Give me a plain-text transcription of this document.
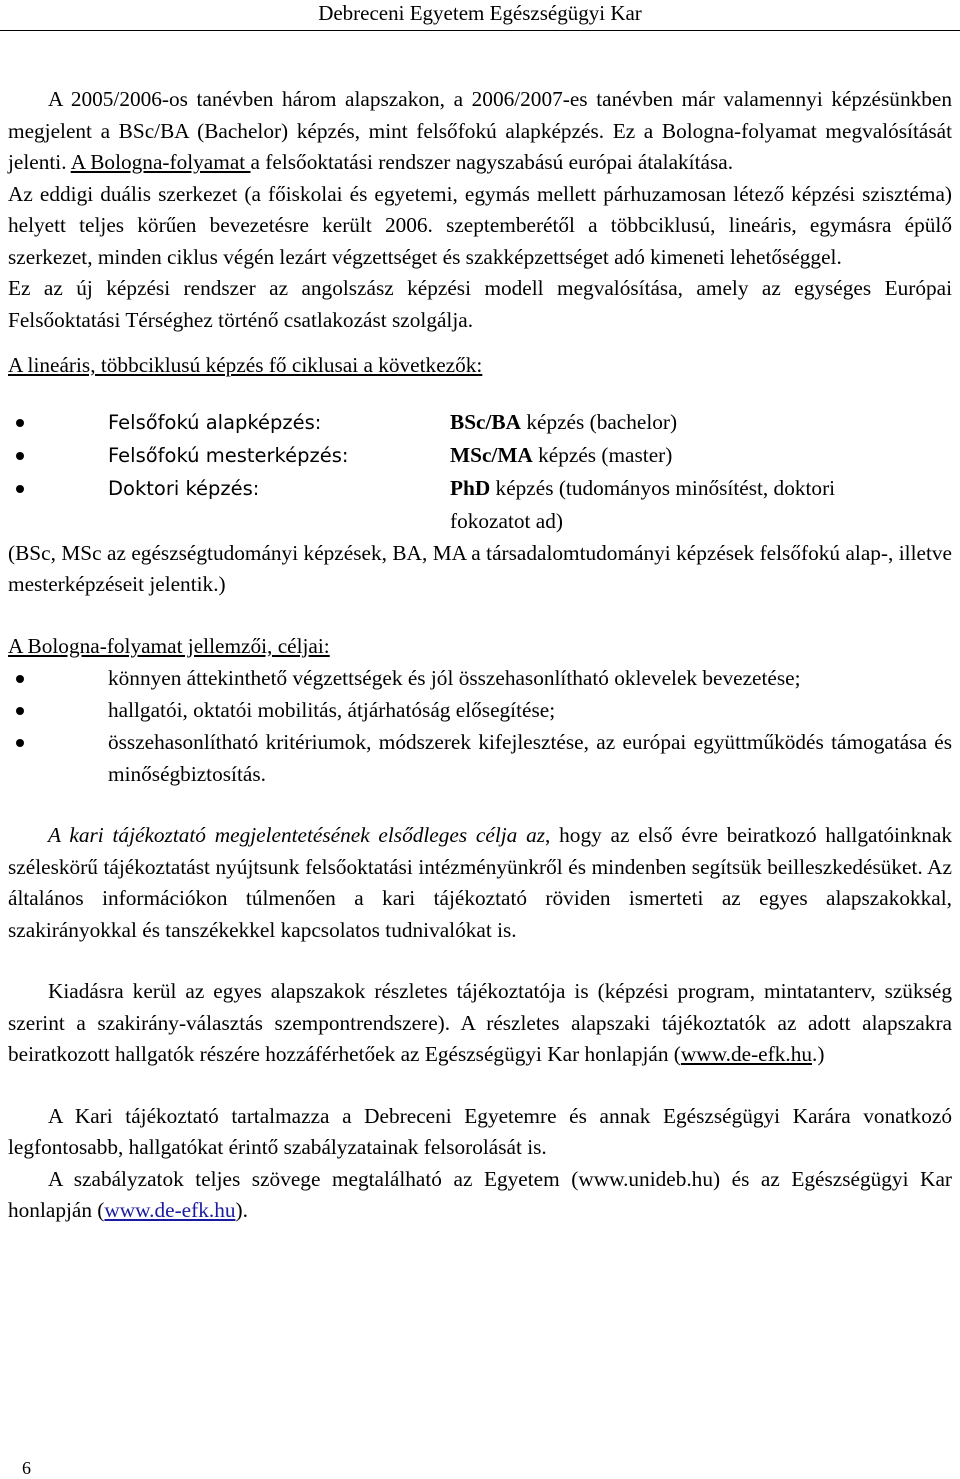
Debreceni Egyetem Egészségügyi Kar

A 2005/2006-os tanévben három alapszakon, a 2006/2007-es tanévben már valamennyi képzésünkben megjelent a BSc/BA (Bachelor) képzés, mint felsőfokú alapképzés. Ez a Bologna-folyamat megvalósítását jelenti. A Bologna-folyamat a felsőoktatási rendszer nagyszabású európai átalakítása.

Az eddigi duális szerkezet (a főiskolai és egyetemi, egymás mellett párhuzamosan létező képzési szisztéma) helyett teljes körűen bevezetésre került 2006. szeptemberétől a többciklusú, lineáris, egymásra épülő szerkezet, minden ciklus végén lezárt végzettséget és szakképzettséget adó kimeneti lehetőséggel.

Ez az új képzési rendszer az angolszász képzési modell megvalósítása, amely az egységes Európai Felsőoktatási Térséghez történő csatlakozást szolgálja.

A lineáris, többciklusú képzés fő ciklusai a következők:

Felsőfokú alapképzés:	BSc/BA képzés (bachelor)
Felsőfokú mesterképzés:	MSc/MA képzés (master)
Doktori képzés:	PhD képzés (tudományos minősítést, doktori
fokozatot ad)

(BSc, MSc az egészségtudományi képzések, BA, MA a társadalomtudományi képzések felsőfokú alap-, illetve mesterképzéseit jelentik.)

A Bologna-folyamat jellemzői, céljai:

könnyen áttekinthető végzettségek és jól összehasonlítható oklevelek bevezetése;
hallgatói, oktatói mobilitás, átjárhatóság elősegítése;
összehasonlítható kritériumok, módszerek kifejlesztése, az európai együttműködés támogatása és minőségbiztosítás.

A kari tájékoztató megjelentetésének elsődleges célja az, hogy az első évre beiratkozó hallgatóinknak széleskörű tájékoztatást nyújtsunk felsőoktatási intézményünkről és mindenben segítsük beilleszkedésüket. Az általános információkon túlmenően a kari tájékoztató röviden ismerteti az egyes alapszakokkal, szakirányokkal és tanszékekkel kapcsolatos tudnivalókat is.

Kiadásra kerül az egyes alapszakok részletes tájékoztatója is (képzési program, mintatanterv, szükség szerint a szakirány-választás szempontrendszere). A részletes alapszaki tájékoztatók az adott alapszakra beiratkozott hallgatók részére hozzáférhetőek az Egészségügyi Kar honlapján (www.de-efk.hu.)

A Kari tájékoztató tartalmazza a Debreceni Egyetemre és annak Egészségügyi Karára vonatkozó legfontosabb, hallgatókat érintő szabályzatainak felsorolását is.

A szabályzatok teljes szövege megtalálható az Egyetem (www.unideb.hu) és az Egészségügyi Kar honlapján (www.de-efk.hu).

6
